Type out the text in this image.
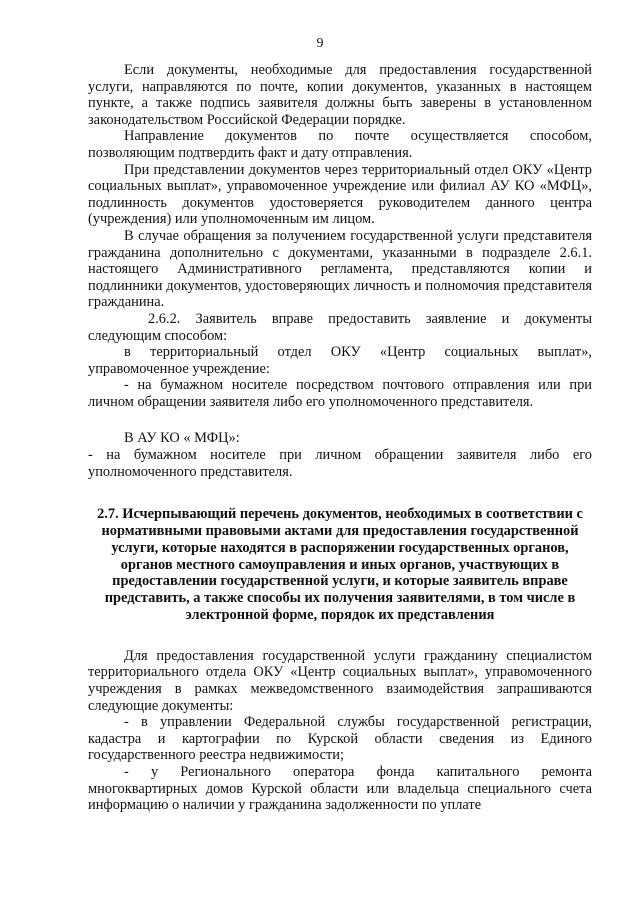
9

Если документы, необходимые для предоставления государственной услуги, направляются по почте, копии документов, указанных в настоящем пункте, а также подпись заявителя должны быть заверены в установленном законодательством Российской Федерации порядке.

Направление документов по почте осуществляется способом, позволяющим подтвердить факт и дату отправления.

При представлении документов через территориальный отдел ОКУ «Центр социальных выплат», управомоченное учреждение или филиал АУ КО «МФЦ», подлинность документов удостоверяется руководителем данного центра (учреждения) или уполномоченным им лицом.

В случае обращения за получением государственной услуги представителя гражданина дополнительно с документами, указанными в подразделе 2.6.1. настоящего Административного регламента, представляются копии и подлинники документов, удостоверяющих личность и полномочия представителя гражданина.

2.6.2. Заявитель вправе предоставить заявление и документы следующим способом:

в территориальный отдел ОКУ «Центр социальных выплат», управомоченное учреждение:

- на бумажном носителе посредством почтового отправления или при личном обращении заявителя либо его уполномоченного представителя.

В АУ КО « МФЦ»:

- на бумажном носителе при личном обращении заявителя либо его уполномоченного представителя.

2.7. Исчерпывающий перечень документов, необходимых в соответствии с нормативными правовыми актами для предоставления государственной услуги, которые находятся в распоряжении государственных органов, органов местного самоуправления и иных органов, участвующих в предоставлении государственной услуги, и которые заявитель вправе представить, а также способы их получения заявителями, в том числе в электронной форме, порядок их представления

Для предоставления государственной услуги гражданину специалистом территориального отдела ОКУ «Центр социальных выплат», управомоченного учреждения в рамках межведомственного взаимодействия запрашиваются следующие документы:

- в управлении Федеральной службы государственной регистрации, кадастра и картографии по Курской области сведения из Единого государственного реестра недвижимости;

- у Регионального оператора фонда капитального ремонта многоквартирных домов Курской области или владельца специального счета информацию о наличии у гражданина задолженности по уплате
